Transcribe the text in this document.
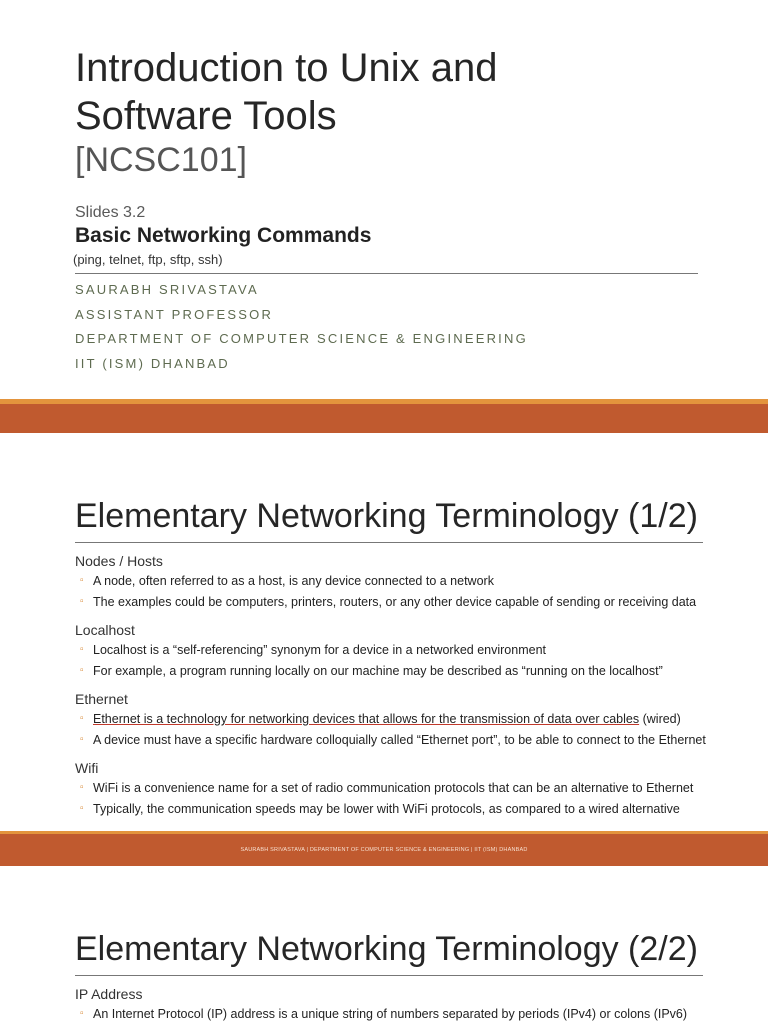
Introduction to Unix and
Software Tools
[NCSC101]
Slides 3.2
Basic Networking Commands
(ping, telnet, ftp, sftp, ssh)
SAURABH SRIVASTAVA
ASSISTANT PROFESSOR
DEPARTMENT OF COMPUTER SCIENCE & ENGINEERING
IIT (ISM) DHANBAD
Elementary Networking Terminology (1/2)

Nodes / Hosts

▫ A node, often referred to as a host, is any device connected to a network
▫ The examples could be computers, printers, routers, or any other device capable of sending or receiving data

Localhost

▫ Localhost is a “self-referencing” synonym for a device in a networked environment
▫ For example, a program running locally on our machine may be described as “running on the localhost”

Ethernet

▫ Ethernet is a technology for networking devices that allows for the transmission of data over cables (wired)
▫ A device must have a specific hardware colloquially called “Ethernet port”, to be able to connect to the Ethernet

Wifi

▫ WiFi is a convenience name for a set of radio communication protocols that can be an alternative to Ethernet
▫ Typically, the communication speeds may be lower with WiFi protocols, as compared to a wired alternative
SAURABH SRIVASTAVA | DEPARTMENT OF COMPUTER SCIENCE & ENGINEERING | IIT (ISM) DHANBAD
Elementary Networking Terminology (2/2)

IP Address

▫ An Internet Protocol (IP) address is a unique string of numbers separated by periods (IPv4) or colons (IPv6)
